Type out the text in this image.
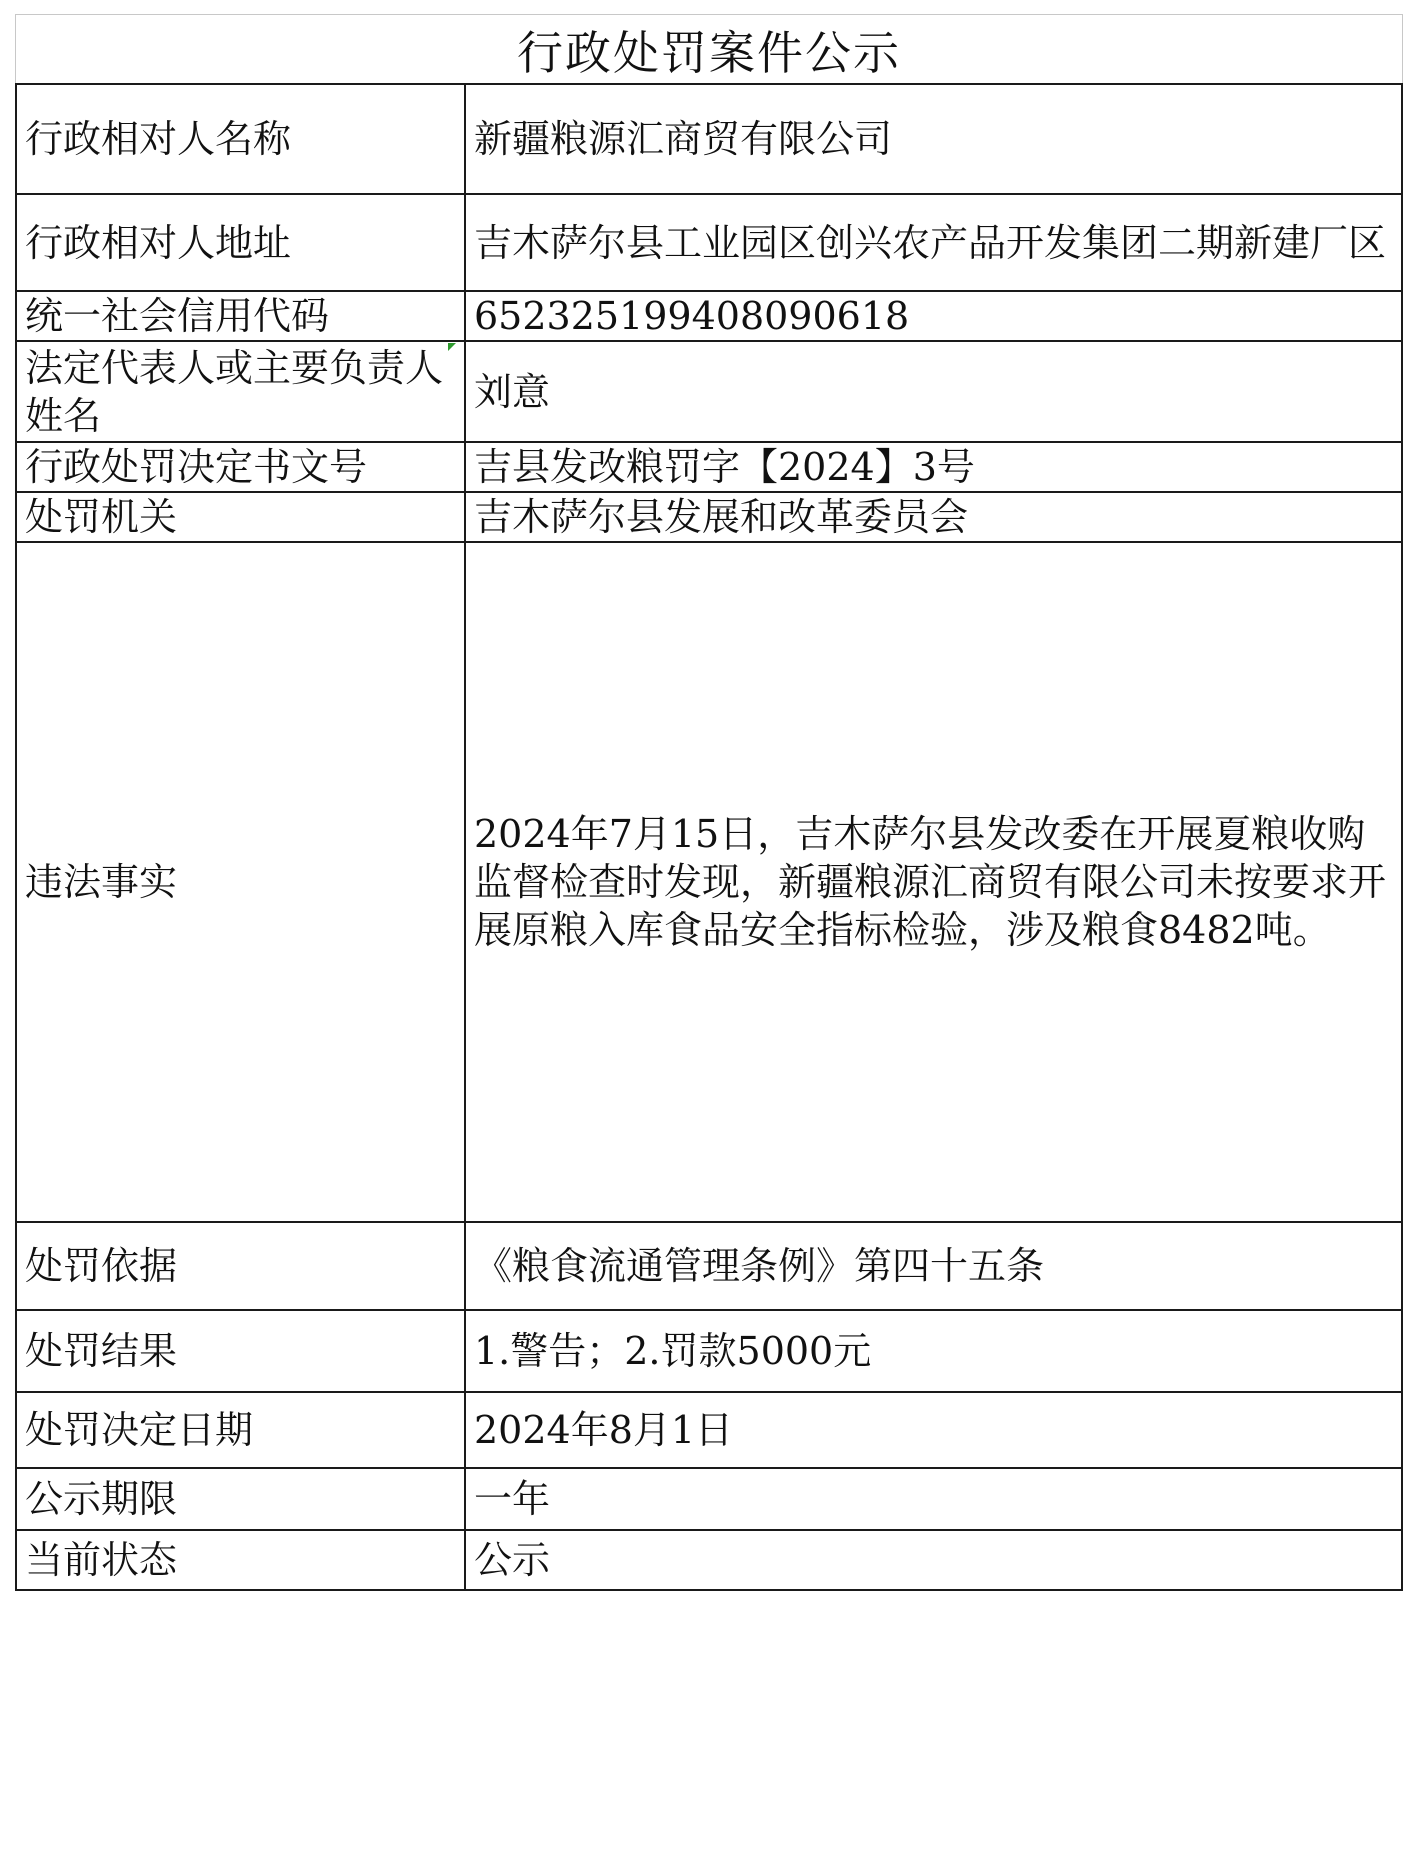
行政处罚案件公示
行政相对人名称	新疆粮源汇商贸有限公司
行政相对人地址	吉木萨尔县工业园区创兴农产品开发集团二期新建厂区
统一社会信用代码	652325199408090618
法定代表人或主要负责人姓名	刘意
行政处罚决定书文号	吉县发改粮罚字【2024】3号
处罚机关	吉木萨尔县发展和改革委员会
违法事实	2024年7月15日，吉木萨尔县发改委在开展夏粮收购监督检查时发现，新疆粮源汇商贸有限公司未按要求开展原粮入库食品安全指标检验，涉及粮食8482吨。
处罚依据	《粮食流通管理条例》第四十五条
处罚结果	1.警告；2.罚款5000元
处罚决定日期	2024年8月1日
公示期限	一年
当前状态	公示
